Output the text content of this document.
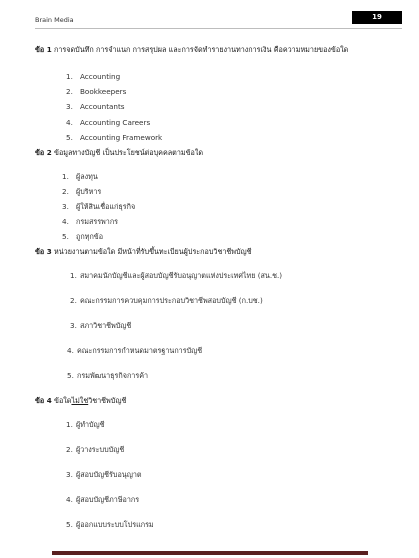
Brain Media	19
ข้อ 1 การจดบันทึก การจำแนก การสรุปผล และการจัดทำรายงานทางการเงิน คือความหมายของข้อใด
1. Accounting
2. Bookkeepers
3. Accountants
4. Accounting Careers
5. Accounting Framework
ข้อ 2 ข้อมูลทางบัญชี เป็นประโยชน์ต่อบุคคลตามข้อใด
1. ผู้ลงทุน
2. ผู้บริหาร
3. ผู้ให้สินเชื่อแก่ธุรกิจ
4. กรมสรรพากร
5. ถูกทุกข้อ
ข้อ 3 หน่วยงานตามข้อใด มีหน้าที่รับขึ้นทะเบียนผู้ประกอบวิชาชีพบัญชี
1. สมาคมนักบัญชีและผู้สอบบัญชีรับอนุญาตแห่งประเทศไทย (สน.ช.)
2. คณะกรรมการควบคุมการประกอบวิชาชีพสอบบัญชี (ก.บช.)
3. สภาวิชาชีพบัญชี
4. คณะกรรมการกำหนดมาตรฐานการบัญชี
5. กรมพัฒนาธุรกิจการค้า
ข้อ 4 ข้อใดไม่ใช่วิชาชีพบัญชี
1. ผู้ทำบัญชี
2. ผู้วางระบบบัญชี
3. ผู้สอบบัญชีรับอนุญาต
4. ผู้สอบบัญชีภาษีอากร
5. ผู้ออกแบบระบบโปรแกรม
